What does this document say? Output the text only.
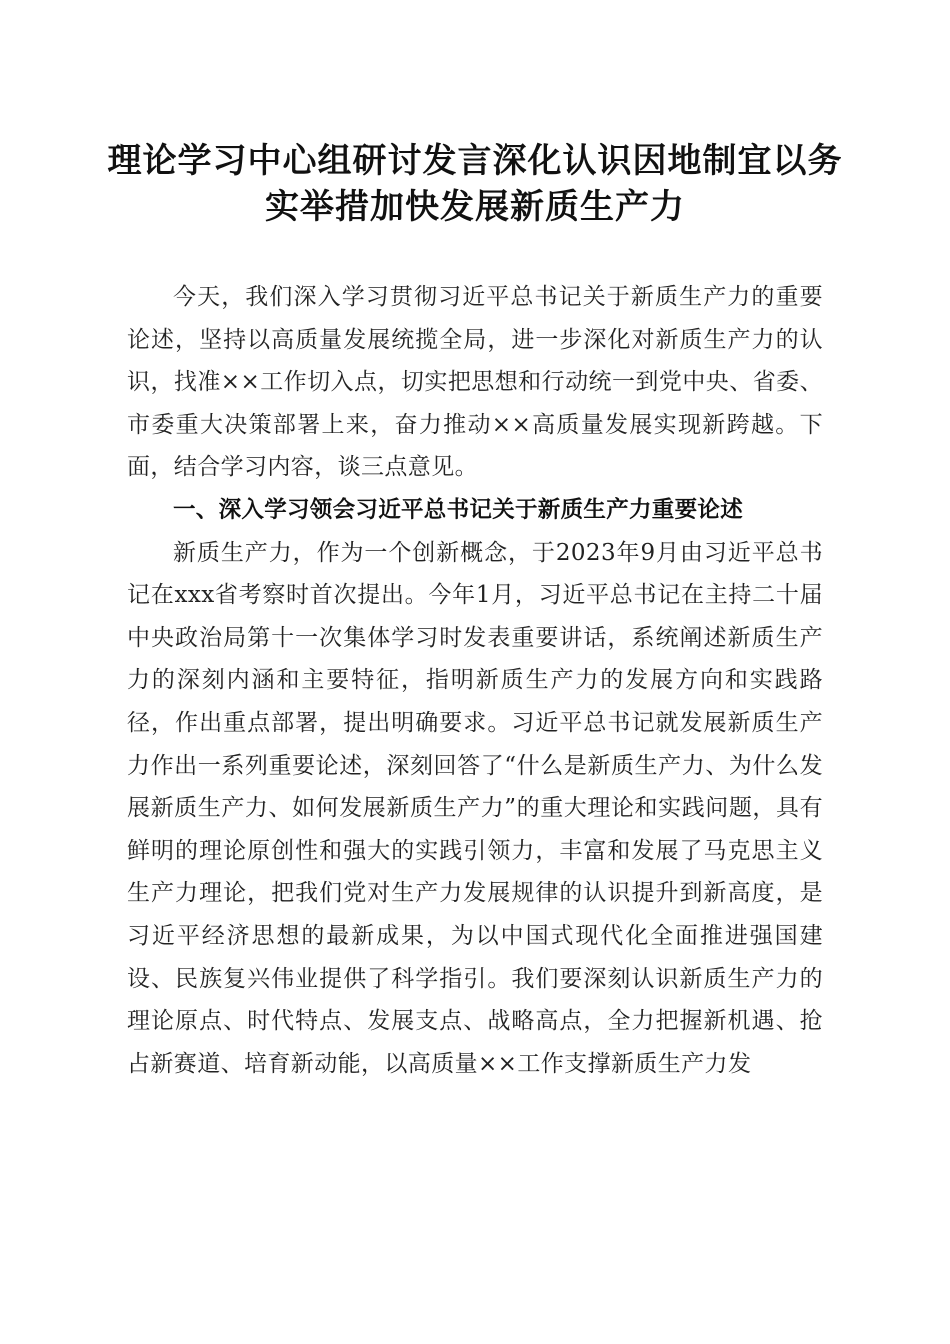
理论学习中心组研讨发言深化认识因地制宜以务实举措加快发展新质生产力

今天，我们深入学习贯彻习近平总书记关于新质生产力的重要论述，坚持以高质量发展统揽全局，进一步深化对新质生产力的认识，找准××工作切入点，切实把思想和行动统一到党中央、省委、市委重大决策部署上来，奋力推动××高质量发展实现新跨越。下面，结合学习内容，谈三点意见。

一、深入学习领会习近平总书记关于新质生产力重要论述

新质生产力，作为一个创新概念，于2023年9月由习近平总书记在xxx省考察时首次提出。今年1月，习近平总书记在主持二十届中央政治局第十一次集体学习时发表重要讲话，系统阐述新质生产力的深刻内涵和主要特征，指明新质生产力的发展方向和实践路径，作出重点部署，提出明确要求。习近平总书记就发展新质生产力作出一系列重要论述，深刻回答了“什么是新质生产力、为什么发展新质生产力、如何发展新质生产力”的重大理论和实践问题，具有鲜明的理论原创性和强大的实践引领力，丰富和发展了马克思主义生产力理论，把我们党对生产力发展规律的认识提升到新高度，是习近平经济思想的最新成果，为以中国式现代化全面推进强国建设、民族复兴伟业提供了科学指引。我们要深刻认识新质生产力的理论原点、时代特点、发展支点、战略高点，全力把握新机遇、抢占新赛道、培育新动能，以高质量××工作支撑新质生产力发
